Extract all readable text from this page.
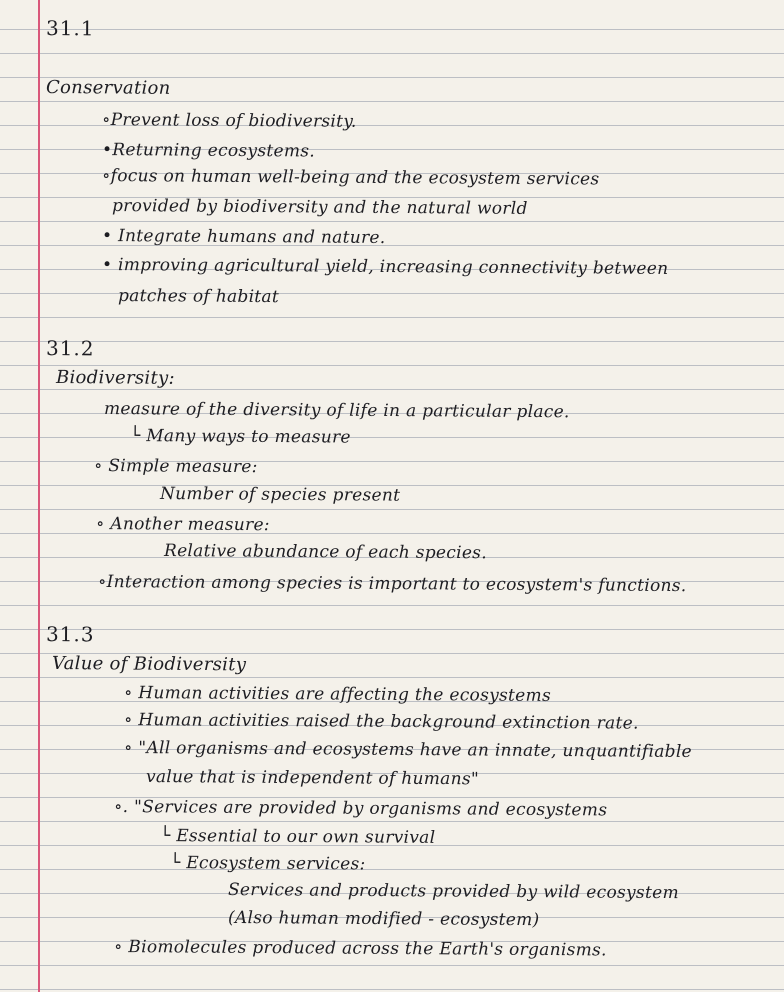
31.1
Conservation
∘Prevent loss of biodiversity.
•Returning ecosystems.
∘focus on human well-being and the ecosystem services
provided by biodiversity and the natural world
• Integrate humans and nature.
• improving agricultural yield, increasing connectivity between
patches of habitat
31.2
Biodiversity:
measure of the diversity of life in a particular place.
└ Many ways to measure
∘ Simple measure:
Number of species present
∘ Another measure:
Relative abundance of each species.
∘Interaction among species is important to ecosystem's functions.
31.3
Value of Biodiversity
∘ Human activities are affecting the ecosystems
∘ Human activities raised the background extinction rate.
∘ "All organisms and ecosystems have an innate, unquantifiable
value that is independent of humans"
∘. "Services are provided by organisms and ecosystems
└ Essential to our own survival
└ Ecosystem services:
Services and products provided by wild ecosystem
(Also human modified - ecosystem)
∘ Biomolecules produced across the Earth's organisms.
